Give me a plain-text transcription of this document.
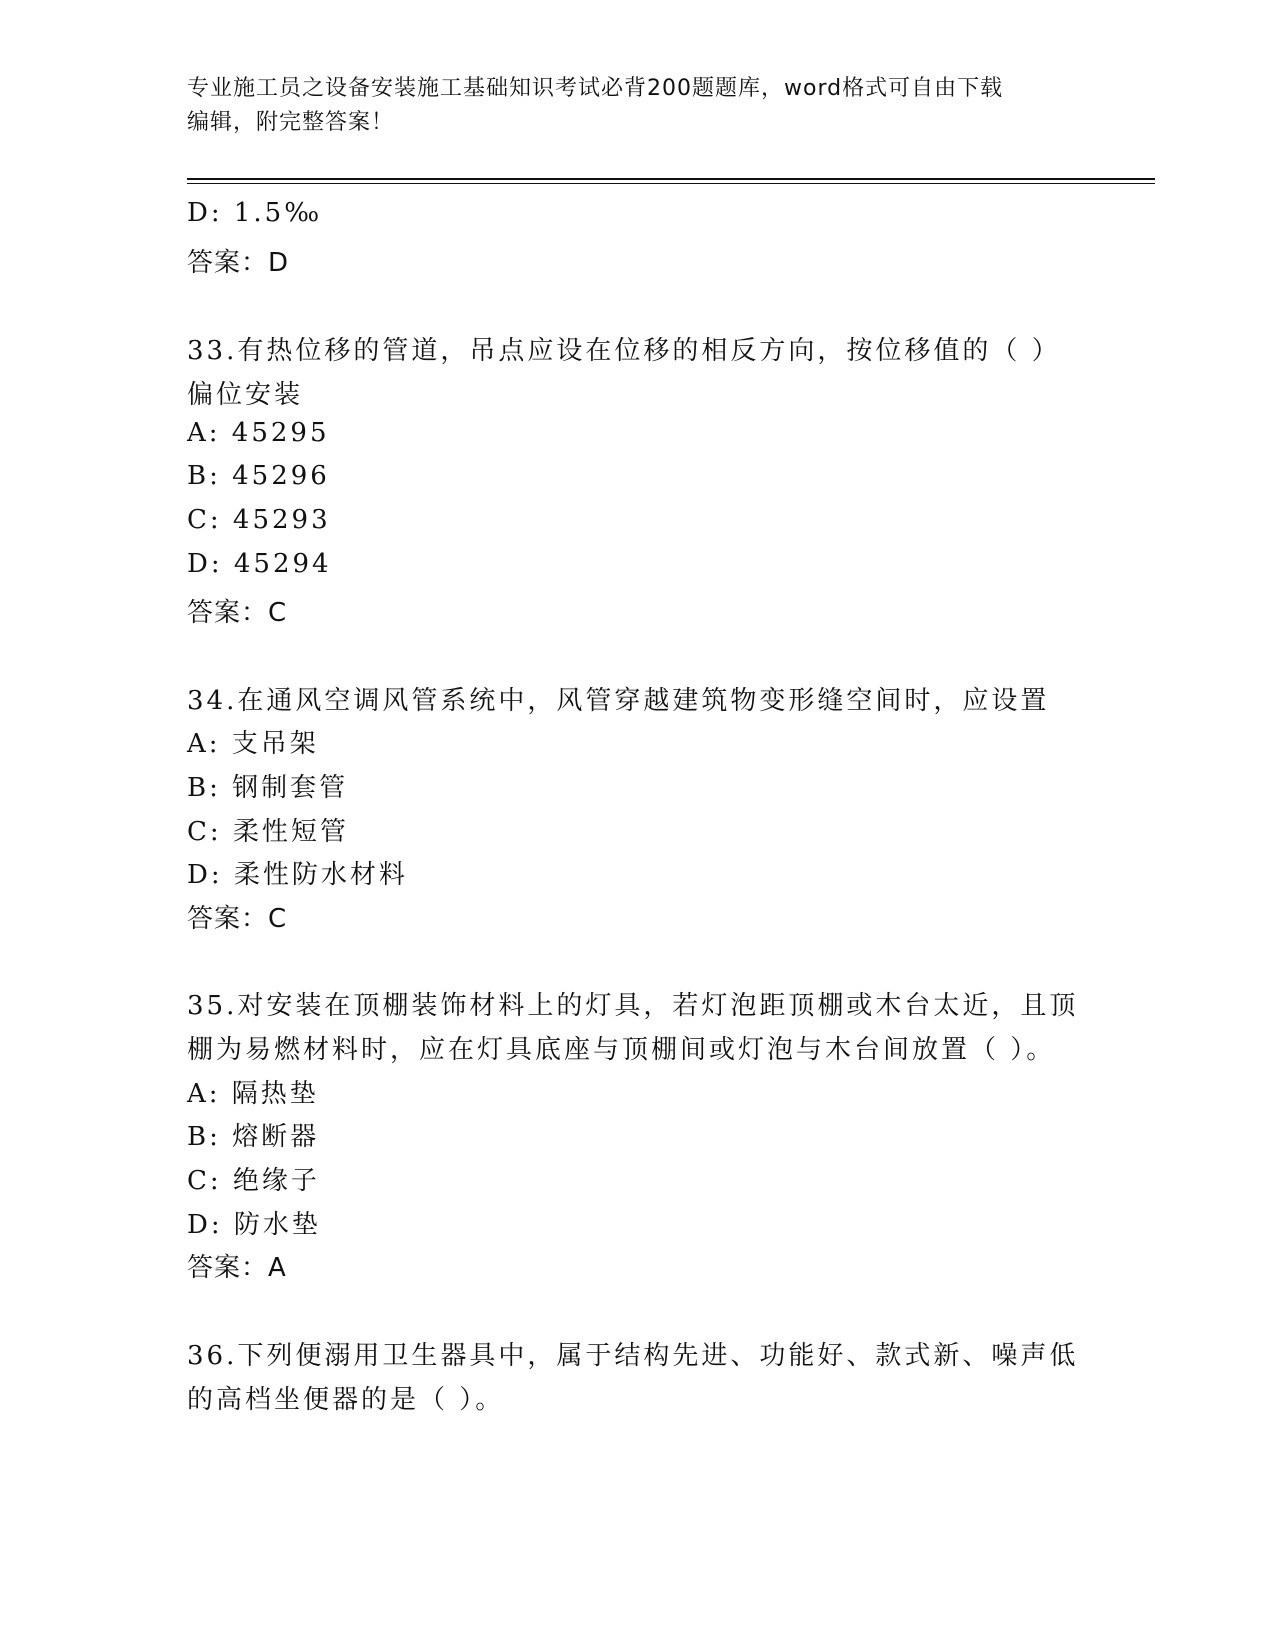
专业施工员之设备安装施工基础知识考试必背200题题库，word格式可自由下载
编辑，附完整答案！
D: 1.5‰
答案：D
33.有热位移的管道，吊点应设在位移的相反方向，按位移值的（ ）
偏位安装
A: 45295
B: 45296
C: 45293
D: 45294
答案：C
34.在通风空调风管系统中，风管穿越建筑物变形缝空间时，应设置
A: 支吊架
B: 钢制套管
C: 柔性短管
D: 柔性防水材料
答案：C
35.对安装在顶棚装饰材料上的灯具，若灯泡距顶棚或木台太近，且顶
棚为易燃材料时，应在灯具底座与顶棚间或灯泡与木台间放置（ ）。
A: 隔热垫
B: 熔断器
C: 绝缘子
D: 防水垫
答案：A
36.下列便溺用卫生器具中，属于结构先进、功能好、款式新、噪声低
的高档坐便器的是（ ）。
